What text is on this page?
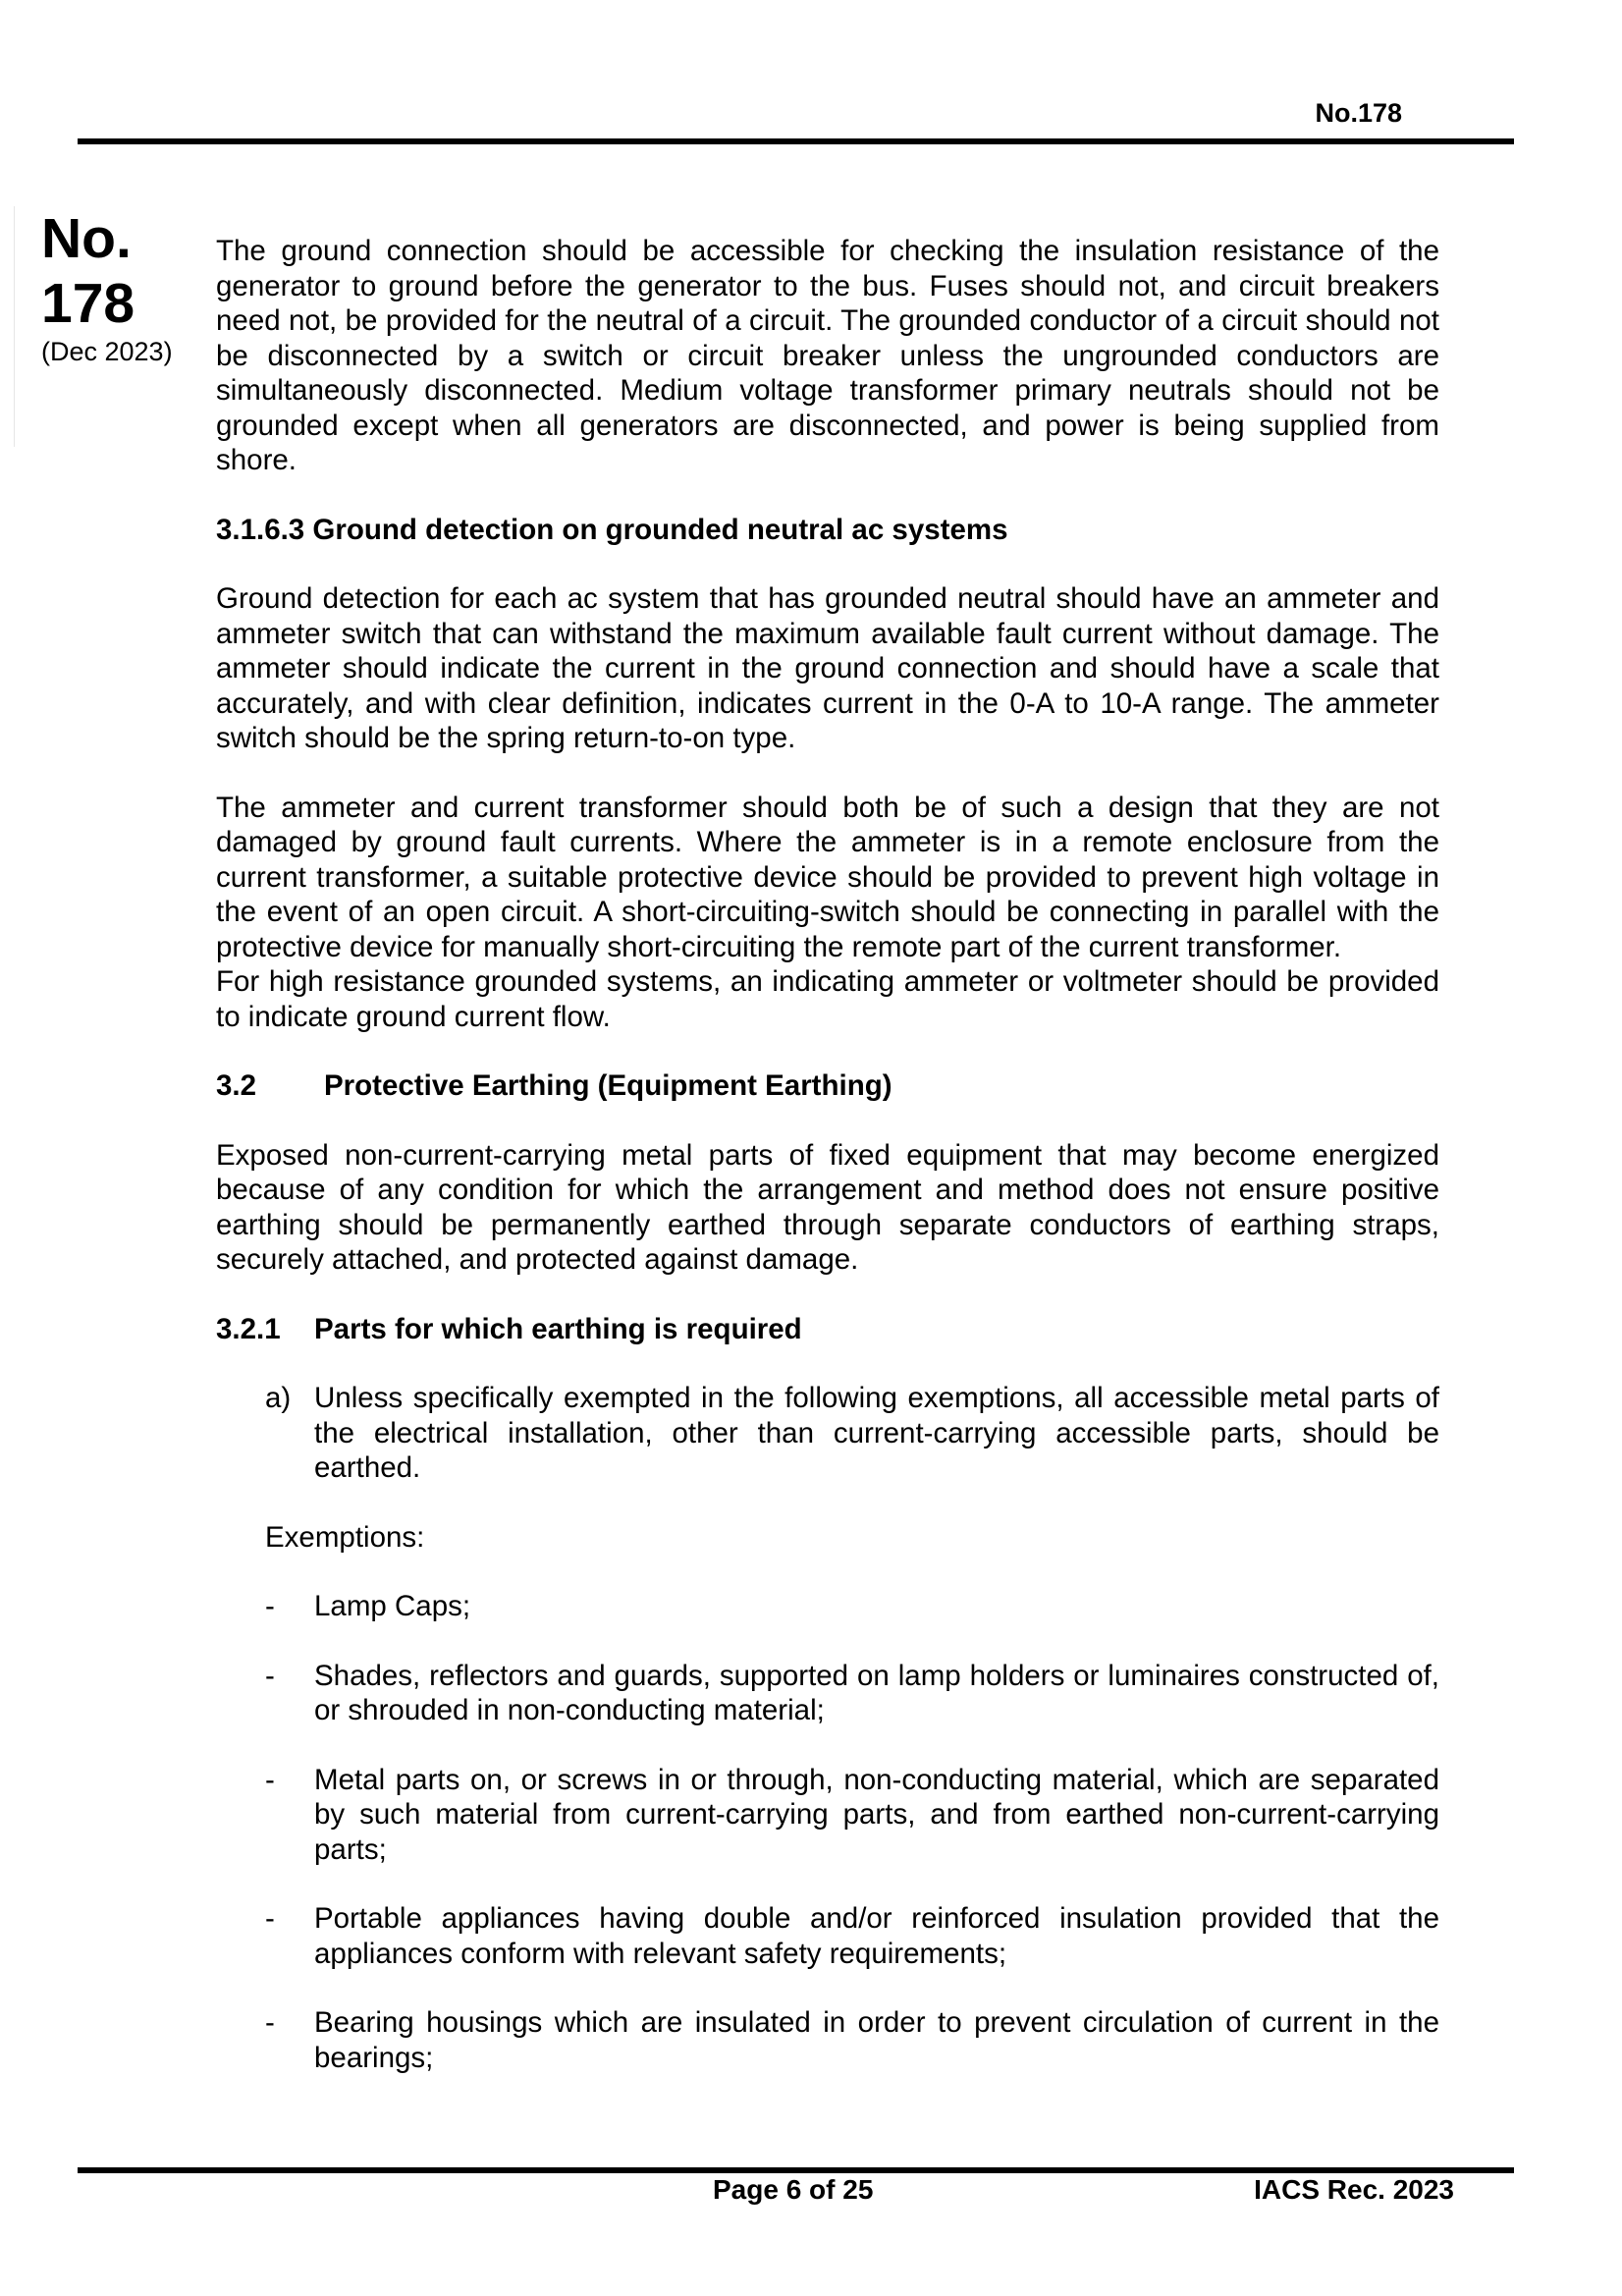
No.178
No.
178
(Dec 2023)

The ground connection should be accessible for checking the insulation resistance of the generator to ground before the generator to the bus. Fuses should not, and circuit breakers need not, be provided for the neutral of a circuit. The grounded conductor of a circuit should not be disconnected by a switch or circuit breaker unless the ungrounded conductors are simultaneously disconnected. Medium voltage transformer primary neutrals should not be grounded except when all generators are disconnected, and power is being supplied from shore.

3.1.6.3 Ground detection on grounded neutral ac systems

Ground detection for each ac system that has grounded neutral should have an ammeter and ammeter switch that can withstand the maximum available fault current without damage. The ammeter should indicate the current in the ground connection and should have a scale that accurately, and with clear definition, indicates current in the 0-A to 10-A range. The ammeter switch should be the spring return-to-on type.

The ammeter and current transformer should both be of such a design that they are not damaged by ground fault currents. Where the ammeter is in a remote enclosure from the current transformer, a suitable protective device should be provided to prevent high voltage in the event of an open circuit. A short-circuiting-switch should be connecting in parallel with the protective device for manually short-circuiting the remote part of the current transformer.

For high resistance grounded systems, an indicating ammeter or voltmeter should be provided to indicate ground current flow.

3.2 Protective Earthing (Equipment Earthing)

Exposed non-current-carrying metal parts of fixed equipment that may become energized because of any condition for which the arrangement and method does not ensure positive earthing should be permanently earthed through separate conductors of earthing straps, securely attached, and protected against damage.

3.2.1 Parts for which earthing is required
a) Unless specifically exempted in the following exemptions, all accessible metal parts of the electrical installation, other than current-carrying accessible parts, should be earthed.
Exemptions:
- Lamp Caps;
- Shades, reflectors and guards, supported on lamp holders or luminaires constructed of, or shrouded in non-conducting material;
- Metal parts on, or screws in or through, non-conducting material, which are separated by such material from current-carrying parts, and from earthed non-current-carrying parts;
- Portable appliances having double and/or reinforced insulation provided that the appliances conform with relevant safety requirements;
- Bearing housings which are insulated in order to prevent circulation of current in the bearings;
Page 6 of 25	IACS Rec. 2023
